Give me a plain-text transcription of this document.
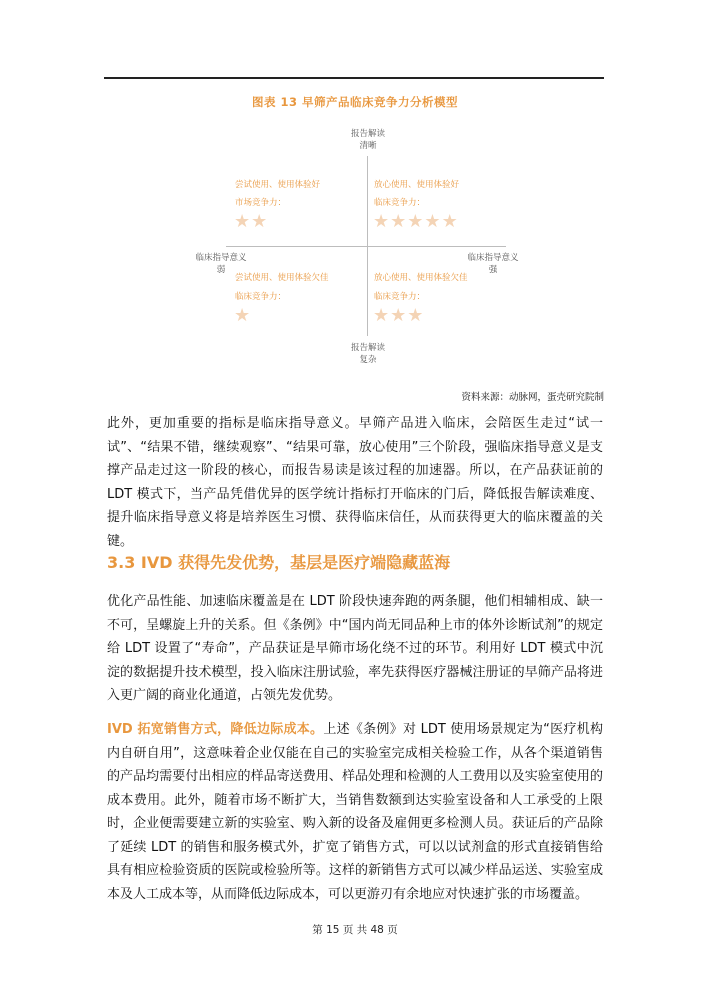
图表 13 早筛产品临床竞争力分析模型
报告解读
清晰
报告解读
复杂
临床指导意义
弱
临床指导意义
强
尝试使用、使用体验好
市场竞争力：
★★
放心使用、使用体验好
临床竞争力：
★★★★★
尝试使用、使用体验欠佳
临床竞争力：
★
放心使用、使用体验欠佳
临床竞争力：
★★★
资料来源：动脉网，蛋壳研究院制

此外，更加重要的指标是临床指导意义。早筛产品进入临床，会陪医生走过“试一试”、“结果不错，继续观察”、“结果可靠，放心使用”三个阶段，强临床指导意义是支撑产品走过这一阶段的核心，而报告易读是该过程的加速器。所以，在产品获证前的 LDT 模式下，当产品凭借优异的医学统计指标打开临床的门后，降低报告解读难度、提升临床指导意义将是培养医生习惯、获得临床信任，从而获得更大的临床覆盖的关键。

3.3 IVD 获得先发优势，基层是医疗端隐藏蓝海

优化产品性能、加速临床覆盖是在 LDT 阶段快速奔跑的两条腿，他们相辅相成、缺一不可，呈螺旋上升的关系。但《条例》中“国内尚无同品种上市的体外诊断试剂”的规定给 LDT 设置了“寿命”，产品获证是早筛市场化绕不过的环节。利用好 LDT 模式中沉淀的数据提升技术模型，投入临床注册试验，率先获得医疗器械注册证的早筛产品将进入更广阔的商业化通道，占领先发优势。

IVD 拓宽销售方式，降低边际成本。上述《条例》对 LDT 使用场景规定为“医疗机构内自研自用”，这意味着企业仅能在自己的实验室完成相关检验工作，从各个渠道销售的产品均需要付出相应的样品寄送费用、样品处理和检测的人工费用以及实验室使用的成本费用。此外，随着市场不断扩大，当销售数额到达实验室设备和人工承受的上限时，企业便需要建立新的实验室、购入新的设备及雇佣更多检测人员。获证后的产品除了延续 LDT 的销售和服务模式外，扩宽了销售方式，可以以试剂盒的形式直接销售给具有相应检验资质的医院或检验所等。这样的新销售方式可以减少样品运送、实验室成本及人工成本等，从而降低边际成本，可以更游刃有余地应对快速扩张的市场覆盖。

第 15 页 共 48 页
